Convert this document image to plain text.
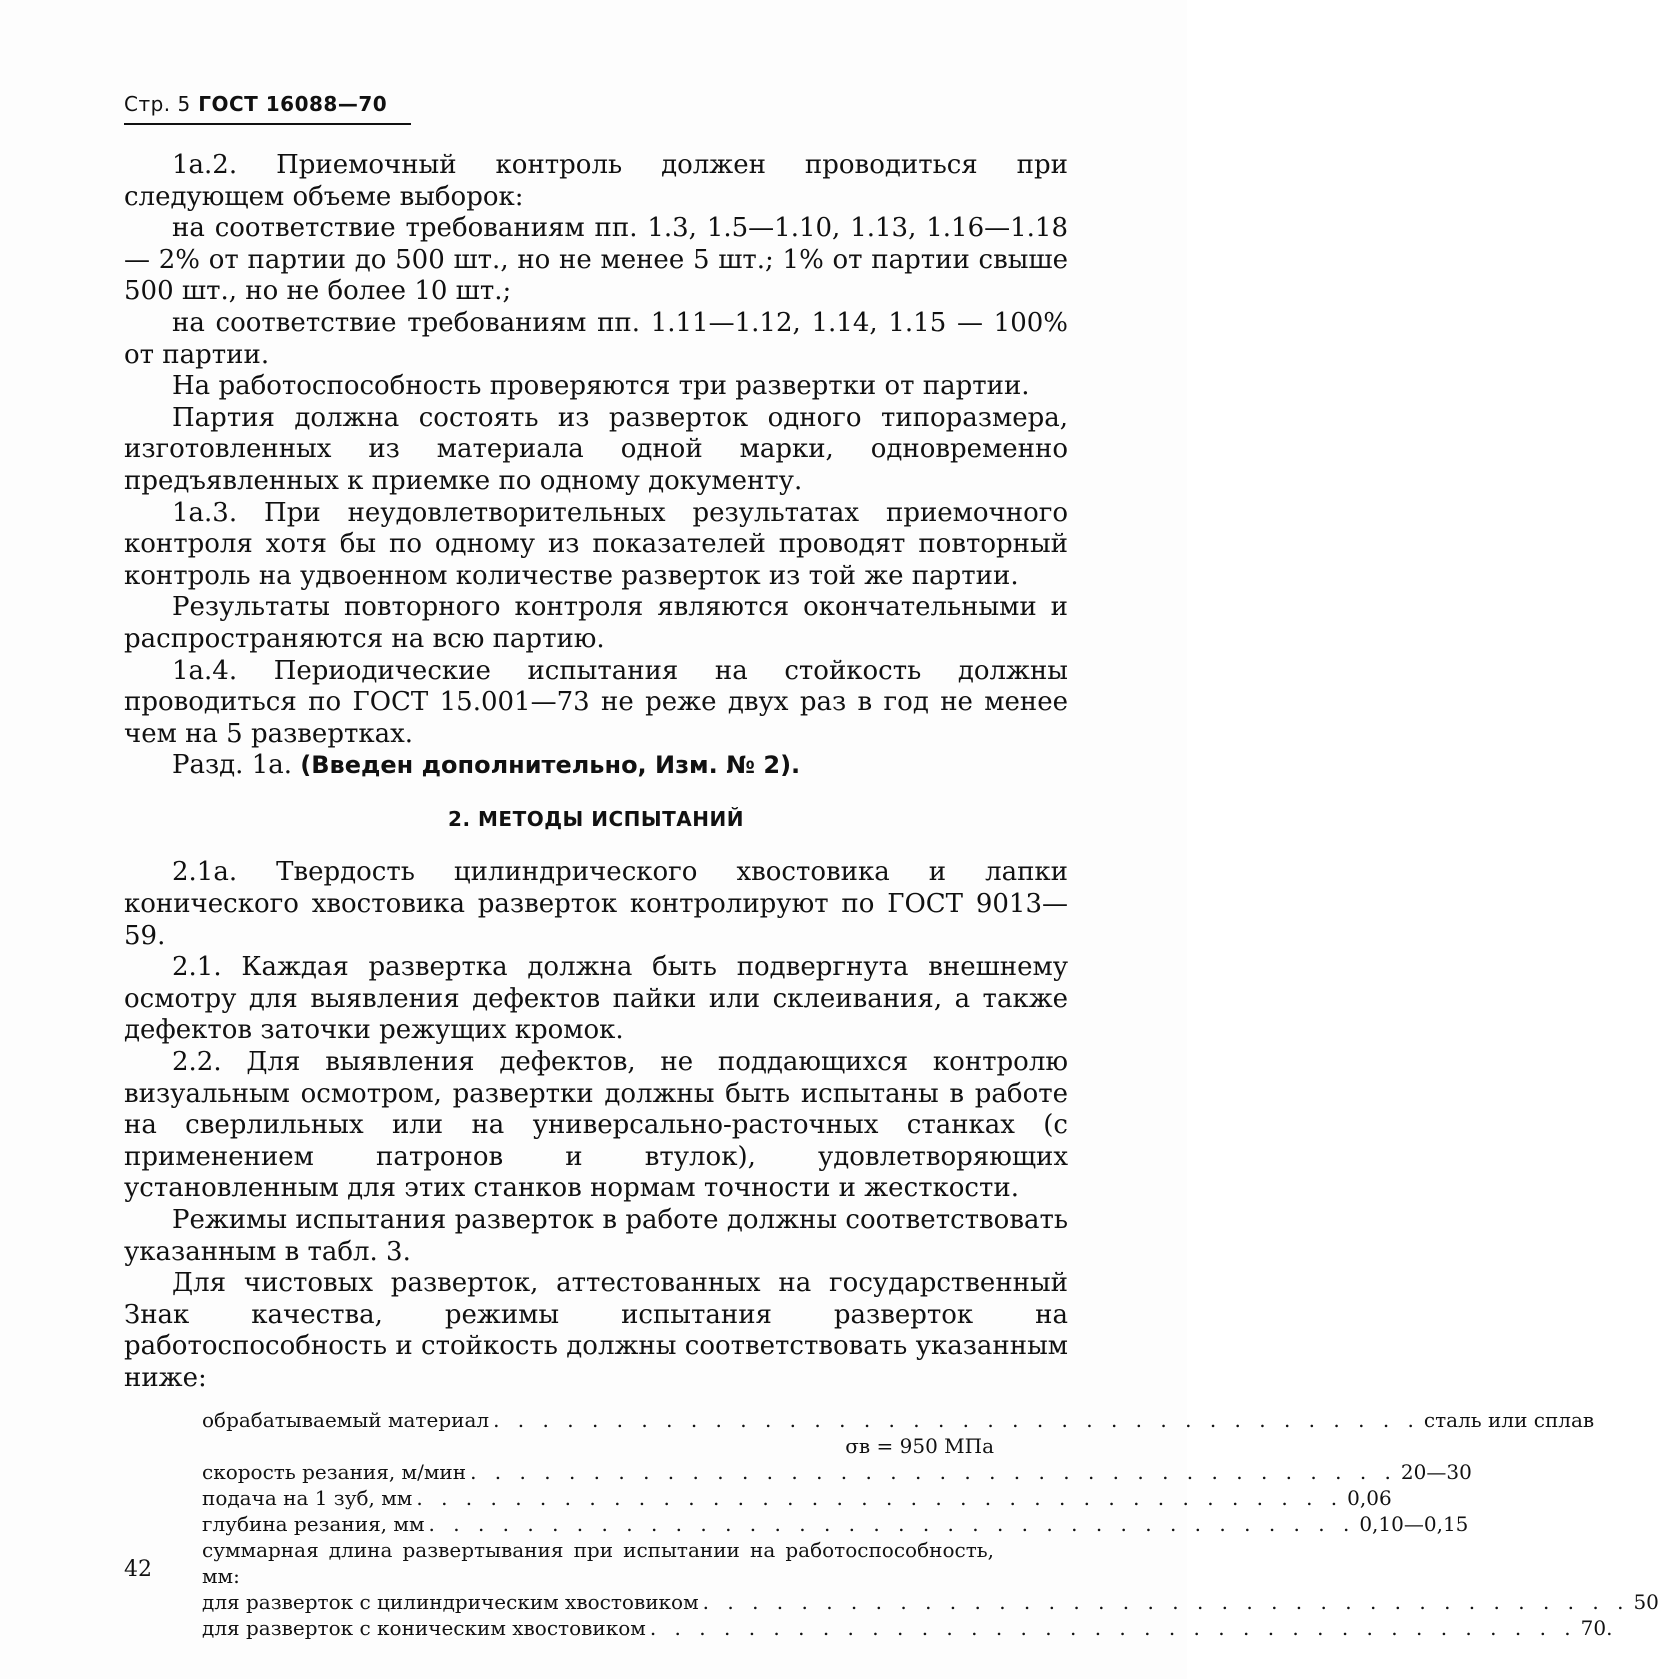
Стр. 5 ГОСТ 16088—70

1а.2. Приемочный контроль должен проводиться при следующем объеме выборок:

на соответствие требованиям пп. 1.3, 1.5—1.10, 1.13, 1.16—1.18 — 2% от партии до 500 шт., но не менее 5 шт.; 1% от партии свыше 500 шт., но не более 10 шт.;

на соответствие требованиям пп. 1.11—1.12, 1.14, 1.15 — 100% от партии.

На работоспособность проверяются три развертки от партии.

Партия должна состоять из разверток одного типоразмера, изготовленных из материала одной марки, одновременно предъявленных к приемке по одному документу.

1а.3. При неудовлетворительных результатах приемочного контроля хотя бы по одному из показателей проводят повторный контроль на удвоенном количестве разверток из той же партии.

Результаты повторного контроля являются окончательными и распространяются на всю партию.

1а.4. Периодические испытания на стойкость должны проводиться по ГОСТ 15.001—73 не реже двух раз в год не менее чем на 5 развертках.

Разд. 1а. (Введен дополнительно, Изм. № 2).

2. МЕТОДЫ ИСПЫТАНИЙ

2.1а. Твердость цилиндрического хвостовика и лапки конического хвостовика разверток контролируют по ГОСТ 9013—59.

2.1. Каждая развертка должна быть подвергнута внешнему осмотру для выявления дефектов пайки или склеивания, а также дефектов заточки режущих кромок.

2.2. Для выявления дефектов, не поддающихся контролю визуальным осмотром, развертки должны быть испытаны в работе на сверлильных или на универсально-расточных станках (с применением патронов и втулок), удовлетворяющих установленным для этих станков нормам точности и жесткости.

Режимы испытания разверток в работе должны соответствовать указанным в табл. 3.

Для чистовых разверток, аттестованных на государственный Знак качества, режимы испытания разверток на работоспособность и стойкость должны соответствовать указанным ниже:

обрабатываемый материал . . . . . . . . . . . . . . . . . . . . . . . . . . . . . . . . . . . . . . сталь или сплав
σв = 950 МПа
скорость резания, м/мин . . . . . . . . . . . . . . . . . . . . . . . . . . . . . . . . . . . . . . 20—30
подача на 1 зуб, мм . . . . . . . . . . . . . . . . . . . . . . . . . . . . . . . . . . . . . . 0,06
глубина резания, мм . . . . . . . . . . . . . . . . . . . . . . . . . . . . . . . . . . . . . . 0,10—0,15
суммарная длина развертывания при испытании на работоспособность, мм:
для разверток с цилиндрическим хвостовиком . . . . . . . . . . . . . . . . . . . . . . . . . . . . . . . . . . . . . . 50
для разверток с коническим хвостовиком . . . . . . . . . . . . . . . . . . . . . . . . . . . . . . . . . . . . . . 70.
42
